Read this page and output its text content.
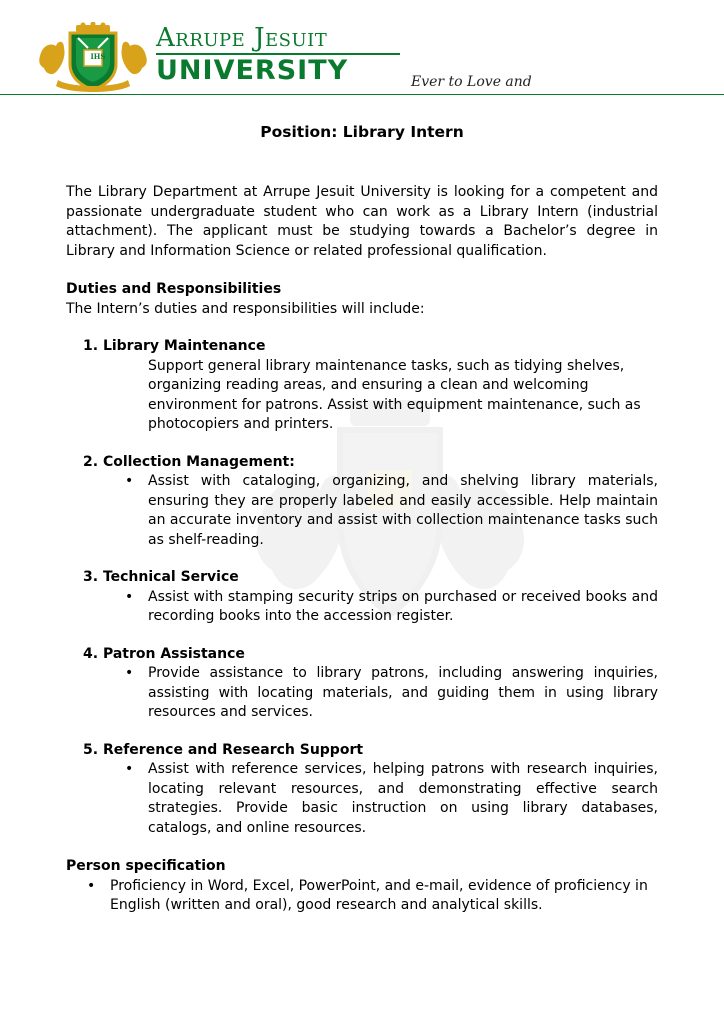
IHS
Arrupe Jesuit
UNIVERSITY	Ever to Love and
Position: Library Intern

The Library Department at Arrupe Jesuit University is looking for a competent and passionate undergraduate student who can work as a Library Intern (industrial attachment). The applicant must be studying towards a Bachelor’s degree in Library and Information Science or related professional qualification.

Duties and Responsibilities

The Intern’s duties and responsibilities will include:

1. Library Maintenance

Support general library maintenance tasks, such as tidying shelves, organizing reading areas, and ensuring a clean and welcoming environment for patrons. Assist with equipment maintenance, such as photocopiers and printers.

2. Collection Management:

• Assist with cataloging, organizing, and shelving library materials, ensuring they are properly labeled and easily accessible. Help maintain an accurate inventory and assist with collection maintenance tasks such as shelf-reading.

3. Technical Service

• Assist with stamping security strips on purchased or received books and recording books into the accession register.

4. Patron Assistance

• Provide assistance to library patrons, including answering inquiries, assisting with locating materials, and guiding them in using library resources and services.

5. Reference and Research Support

• Assist with reference services, helping patrons with research inquiries, locating relevant resources, and demonstrating effective search strategies. Provide basic instruction on using library databases, catalogs, and online resources.

Person specification

• Proficiency in Word, Excel, PowerPoint, and e-mail, evidence of proficiency in English (written and oral), good research and analytical skills.
